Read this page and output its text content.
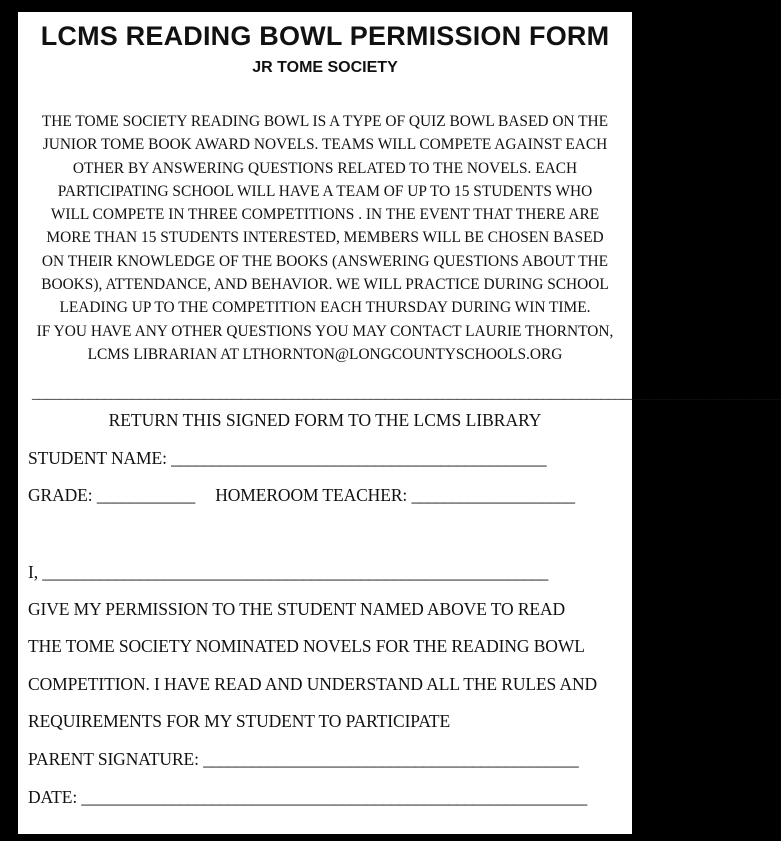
LCMS READING BOWL PERMISSION FORM
JR TOME SOCIETY
THE TOME SOCIETY READING BOWL IS A TYPE OF QUIZ BOWL BASED ON THE
JUNIOR TOME BOOK AWARD NOVELS. TEAMS WILL COMPETE AGAINST EACH
OTHER BY ANSWERING QUESTIONS RELATED TO THE NOVELS. EACH
PARTICIPATING SCHOOL WILL HAVE A TEAM OF UP TO 15 STUDENTS WHO
WILL COMPETE IN THREE COMPETITIONS . IN THE EVENT THAT THERE ARE
MORE THAN 15 STUDENTS INTERESTED, MEMBERS WILL BE CHOSEN BASED
ON THEIR KNOWLEDGE OF THE BOOKS (ANSWERING QUESTIONS ABOUT THE
BOOKS), ATTENDANCE, AND BEHAVIOR. WE WILL PRACTICE DURING SCHOOL
LEADING UP TO THE COMPETITION EACH THURSDAY DURING WIN TIME.
IF YOU HAVE ANY OTHER QUESTIONS YOU MAY CONTACT LAURIE THORNTON,
LCMS LIBRARIAN AT LTHORNTON@LONGCOUNTYSCHOOLS.ORG
________________________________________________________________________________________________________
RETURN THIS SIGNED FORM TO THE LCMS LIBRARY
STUDENT NAME: ______________________________________________
GRADE: ____________ HOMEROOM TEACHER: ____________________
I, ______________________________________________________________
GIVE MY PERMISSION TO THE STUDENT NAMED ABOVE TO READ
THE TOME SOCIETY NOMINATED NOVELS FOR THE READING BOWL
COMPETITION. I HAVE READ AND UNDERSTAND ALL THE RULES AND
REQUIREMENTS FOR MY STUDENT TO PARTICIPATE
PARENT SIGNATURE: ______________________________________________
DATE: ______________________________________________________________
